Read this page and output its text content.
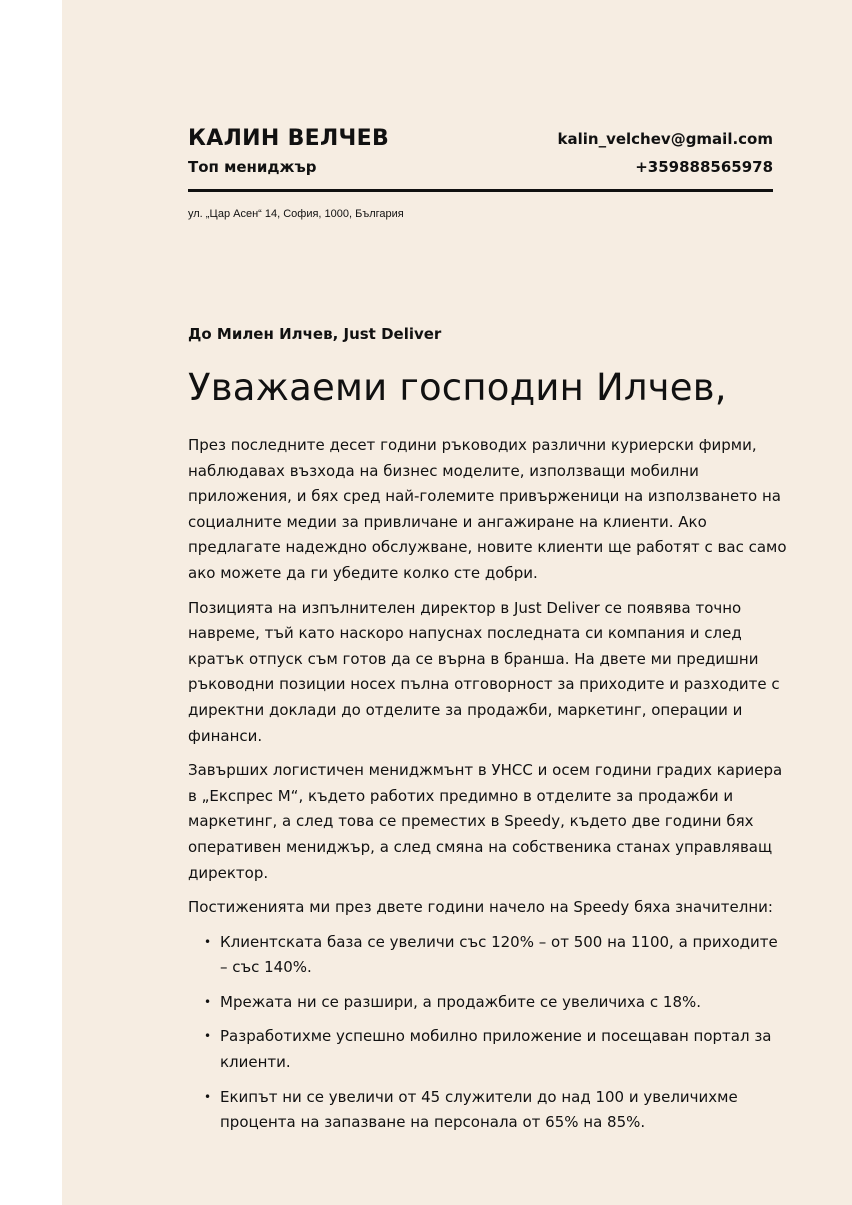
КАЛИН ВЕЛЧЕВ
Топ мениджър
kalin_velchev@gmail.com
+359888565978
ул. „Цар Асен“ 14, София, 1000, България
До Милен Илчев, Just Deliver
Уважаеми господин Илчев,

През последните десет години ръководих различни куриерски фирми, наблюдавах възхода на бизнес моделите, използващи мобилни приложения, и бях сред най-големите привърженици на използването на социалните медии за привличане и ангажиране на клиенти. Ако предлагате надеждно обслужване, новите клиенти ще работят с вас само ако можете да ги убедите колко сте добри.

Позицията на изпълнителен директор в Just Deliver се появява точно навреме, тъй като наскоро напуснах последната си компания и след кратък отпуск съм готов да се върна в бранша. На двете ми предишни ръководни позиции носех пълна отговорност за приходите и разходите с директни доклади до отделите за продажби, маркетинг, операции и финанси.

Завърших логистичен мениджмънт в УНСС и осем години градих кариера в „Експрес М“, където работих предимно в отделите за продажби и маркетинг, а след това се преместих в Speedy, където две години бях оперативен мениджър, а след смяна на собственика станах управляващ директор.

Постиженията ми през двете години начело на Speedy бяха значителни:

• Клиентската база се увеличи със 120% – от 500 на 1100, а приходите – със 140%.
• Мрежата ни се разшири, а продажбите се увеличиха с 18%.
• Разработихме успешно мобилно приложение и посещаван портал за клиенти.
• Екипът ни се увеличи от 45 служители до над 100 и увеличихме процента на запазване на персонала от 65% на 85%.
